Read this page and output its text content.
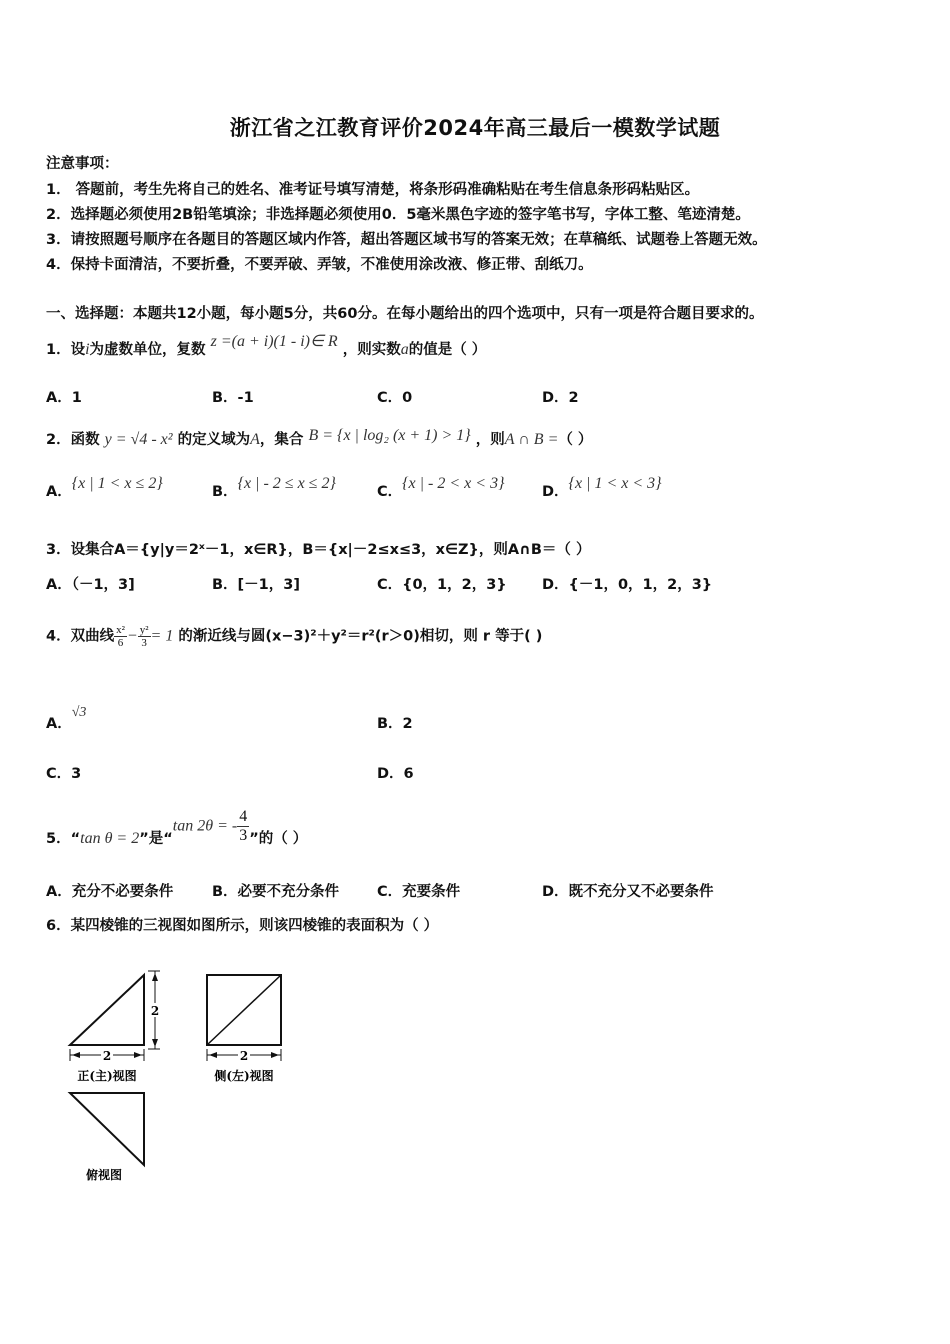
浙江省之江教育评价2024年高三最后一模数学试题
注意事项：
1． 答题前，考生先将自己的姓名、准考证号填写清楚，将条形码准确粘贴在考生信息条形码粘贴区。
2．选择题必须使用2B铅笔填涂；非选择题必须使用0．5毫米黑色字迹的签字笔书写，字体工整、笔迹清楚。
3．请按照题号顺序在各题目的答题区域内作答，超出答题区域书写的答案无效；在草稿纸、试题卷上答题无效。
4．保持卡面清洁，不要折叠，不要弄破、弄皱，不准使用涂改液、修正带、刮纸刀。
一、选择题：本题共12小题，每小题5分，共60分。在每小题给出的四个选项中，只有一项是符合题目要求的。
1．设i为虚数单位，复数 z =(a + i)(1 - i)∈ R ，则实数a的值是（ ）
A．1	B．-1	C．0	D．2
2．函数 y = √4 - x² 的定义域为A，集合 B = {x | log₂ (x + 1) > 1} ，则A ∩ B =（ ）
A．{x | 1 < x ≤ 2}	B．{x | - 2 ≤ x ≤ 2}	C．{x | - 2 < x < 3}	D．{x | 1 < x < 3}
3．设集合A＝{y|y＝2ˣ－1，x∈R}，B＝{x|－2≤x≤3，x∈Z}，则A∩B＝（ ）
A．（－1，3]	B．[－1，3]	C．{0，1，2，3} D．{－1，0，1，2，3}
4．双曲线 $\frac{\text{x²}}{6} - \frac{\text{y²}}{3} = 1$ 的渐近线与圆(x−3)²＋y²＝r²(r＞0)相切，则 r 等于( )
A．√3
B．2
C．3	D．6
5．“tan θ = 2”是“tan 2θ = - $\frac{4}{3}$ ”的（ ）
A．充分不必要条件	B．必要不充分条件	C．充要条件	D．既不充分又不必要条件
6．某四棱锥的三视图如图所示，则该四棱锥的表面积为（ ）
2
2
正(主)视图
2
侧(左)视图
俯视图
